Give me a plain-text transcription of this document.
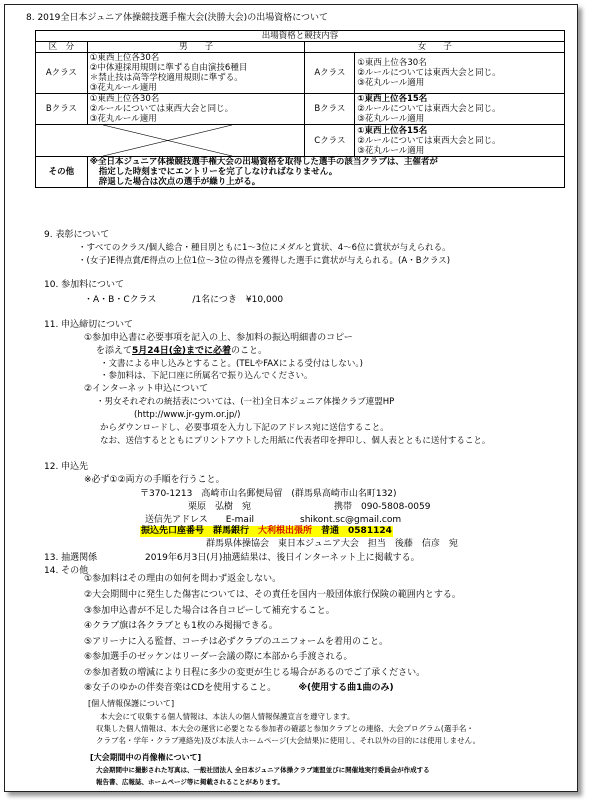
8. 2019全日本ジュニア体操競技選手権大会(決勝大会)の出場資格について
出場資格と競技内容			
区　分	男　　子	女　　子	
Aクラス	①東西上位各30名
②中体連採用規則に準ずる自由演技6種目
＊禁止技は高等学校適用規則に準ずる。
③花丸ルール適用	Aクラス	①東西上位各30名
②ルールについては東西大会と同じ。
③花丸ルール適用

Bクラス	①東西上位各30名
②ルールについては東西大会と同じ。
③花丸ルール適用	Bクラス	①東西上位各15名
②ルールについては東西大会と同じ。
③花丸ルール適用

	Cクラス	①東西上位各15名
②ルールについては東西大会と同じ。
③花丸ルール適用

その他	※全日本ジュニア体操競技選手権大会の出場資格を取得した選手の該当クラブは、主催者が
指定した時刻までにエントリーを完了しなければなりません。
辞退した場合は次点の選手が繰り上がる。		
9. 表彰について
・すべてのクラス/個人総合・種目別ともに1～3位にメダルと賞状、4～6位に賞状が与えられる。
・(女子)E得点賞/E得点の上位1位～3位の得点を獲得した選手に賞状が与えられる。(A・Bクラス)
10. 参加料について
・A・B・Cクラス　　　　/1名につき　¥10,000
11. 申込締切について
①参加申込書に必要事項を記入の上、参加料の振込明細書のコピー
を添えて5月24日(金)までに必着のこと。
・文書による申し込みとすること。(TELやFAXによる受付はしない。)
・参加料は、下記口座に所属名で振り込んでください。
②インターネット申込について
・男女それぞれの統括表については、(一社)全日本ジュニア体操クラブ連盟HP
(http://www.jr-gym.or.jp/)
からダウンロードし、必要事項を入力し下記のアドレス宛に送信すること。
なお、送信するとともにプリントアウトした用紙に代表者印を押印し、個人表とともに送付すること。
12. 申込先
※必ず①②両方の手順を行うこと。
〒370-1213　高崎市山名郵便局留　(群馬県高崎市山名町132)
栗原　弘樹　宛	携帯　090-5808-0059
送信先アドレス　　E-mail	shikont.sc@gmail.com
振込先口座番号　群馬銀行　大利根出張所　普通　0581124
13. 抽選関係	2019年6月3日(月)抽選結果は、後日インターネット上に掲載する。
14. その他
①参加料はその理由の如何を問わず返金しない。
②大会期間中に発生した傷害については、その責任を国内一般団体旅行保険の範囲内とする。
③参加申込書が不足した場合は各自コピーして補充すること。
④クラブ旗は各クラブとも1枚のみ掲揚できる。
⑤アリーナに入る監督、コーチは必ずクラブのユニフォームを着用のこと。
⑥参加選手のゼッケンはリーダー会議の際に本部から手渡される。
⑦参加者数の増減により日程に多少の変更が生じる場合があるのでご了承ください。
⑧女子のゆかの伴奏音楽はCDを使用すること。 ※(使用する曲1曲のみ)
[個人情報保護について]
本大会にて収集する個人情報は、本法人の個人情報保護宣言を遵守します。
収集した個人情報は、本大会の運営に必要となる参加者の確認と参加クラブとの連絡、大会プログラム(選手名・
クラブ名・学年・クラブ連絡先)及び本法人ホームページ(大会結果)に使用し、それ以外の目的には使用しません。
[大会期間中の肖像権について]
大会期間中に撮影された写真は、一般社団法人 全日本ジュニア体操クラブ連盟並びに開催地実行委員会が作成する
報告書、広報誌、ホームページ等に掲載されることがあります。
群馬県体操協会　東日本ジュニア大会　担当　後藤　信彦　宛
